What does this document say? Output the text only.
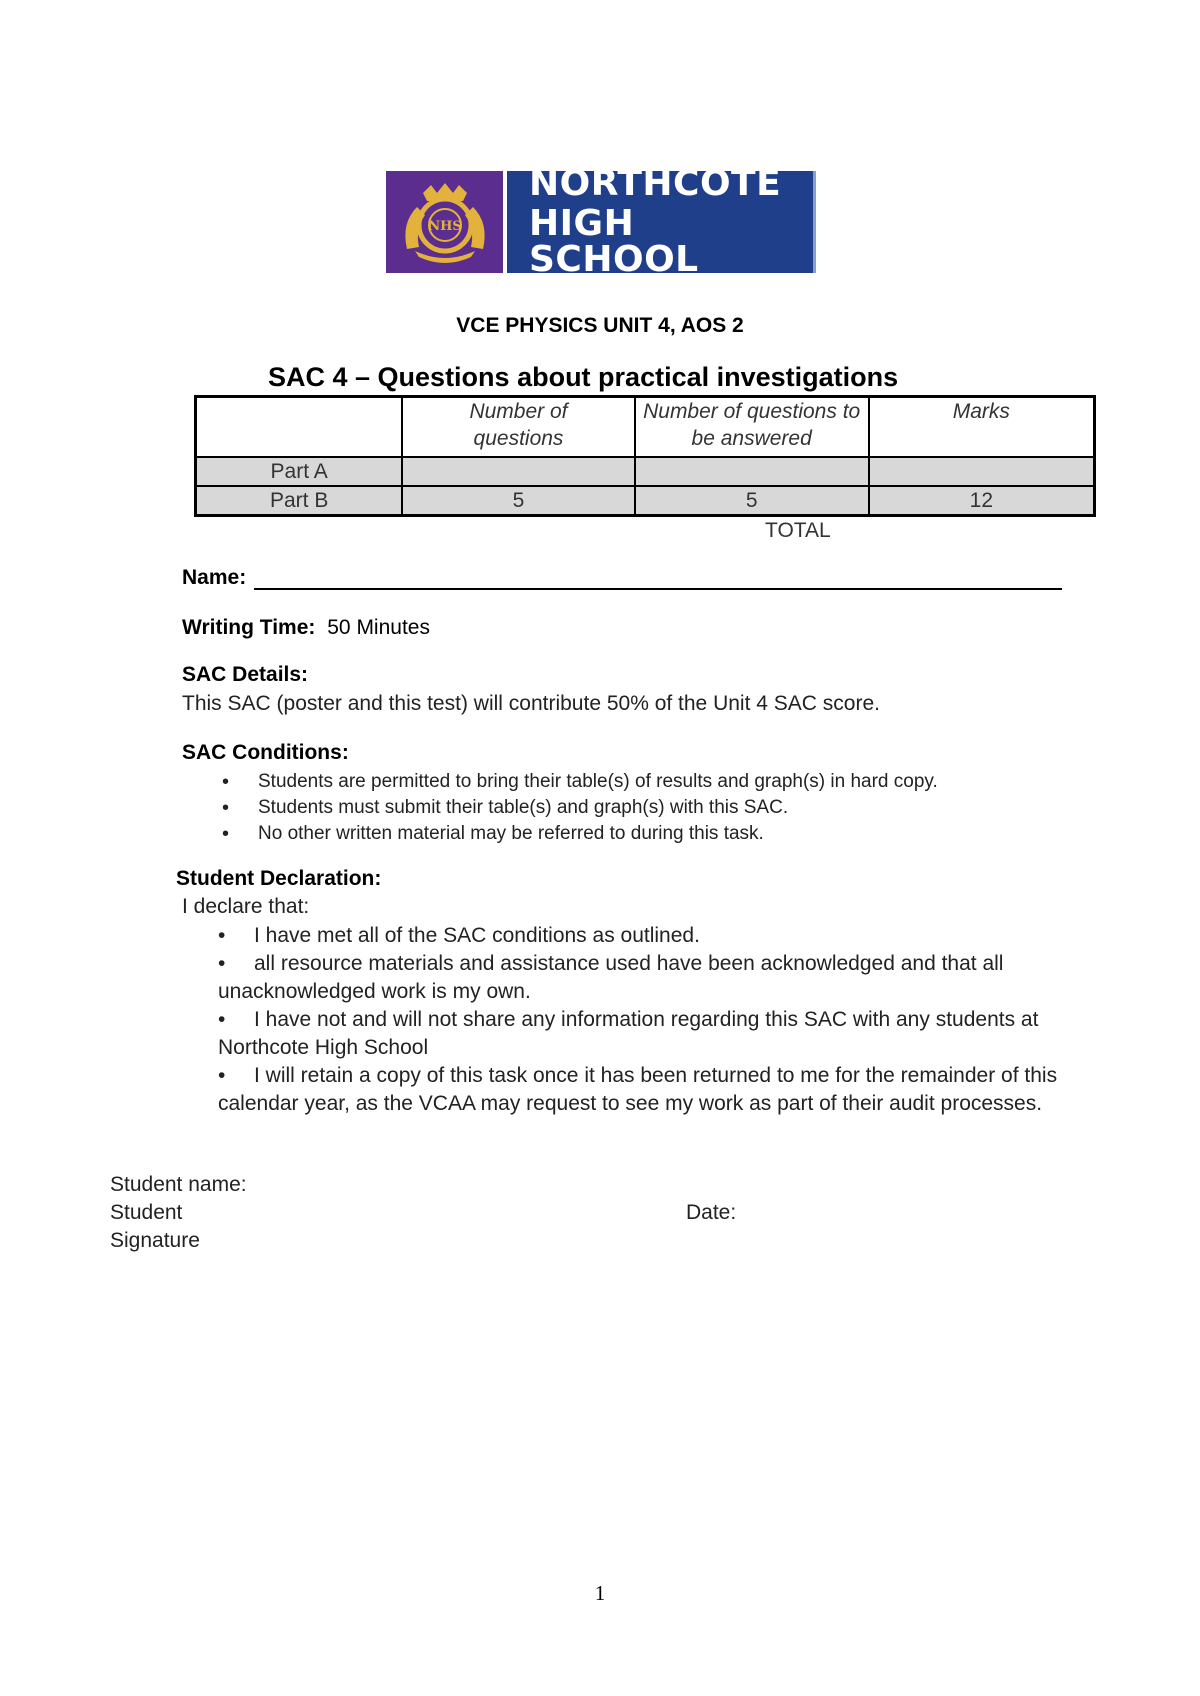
NHS
NORTHCOTE
HIGH SCHOOL
VCE PHYSICS UNIT 4, AOS 2
SAC 4 – Questions about practical investigations
	Number of questions	Number of questions to be answered	Marks
Part A			
Part B	5	5	12
TOTAL
Name:
Writing Time: 50 Minutes
SAC Details:
This SAC (poster and this test) will contribute 50% of the Unit 4 SAC score.
SAC Conditions:
• Students are permitted to bring their table(s) of results and graph(s) in hard copy.
• Students must submit their table(s) and graph(s) with this SAC.
• No other written material may be referred to during this task.
Student Declaration:
I declare that:
• I have met all of the SAC conditions as outlined.
• all resource materials and assistance used have been acknowledged and that all unacknowledged work is my own.
• I have not and will not share any information regarding this SAC with any students at Northcote High School
• I will retain a copy of this task once it has been returned to me for the remainder of this calendar year, as the VCAA may request to see my work as part of their audit processes.
Student name:
Student
Signature
Date:
1
